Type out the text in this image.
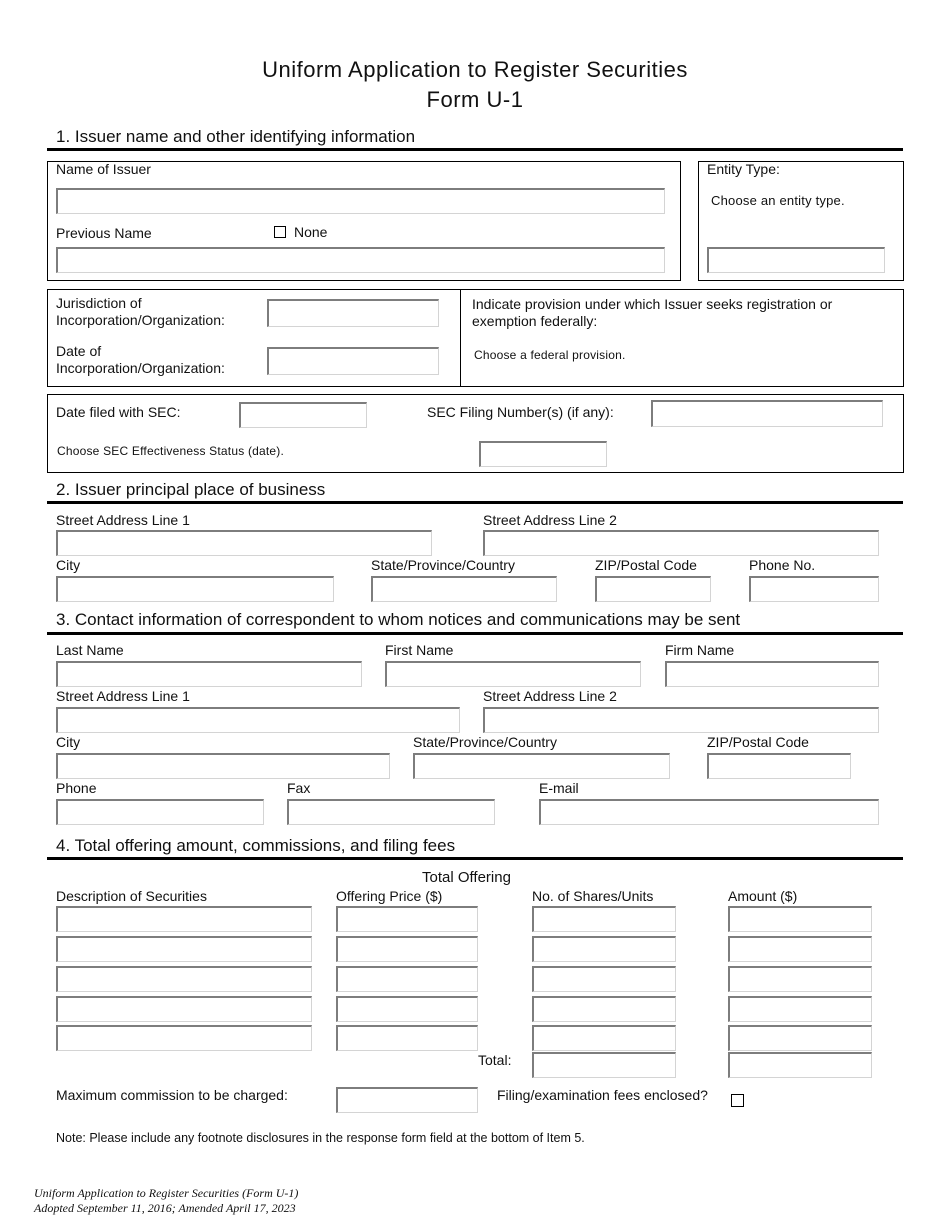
Uniform Application to Register Securities
Form U-1
1. Issuer name and other identifying information
Name of Issuer
Previous Name	None
Entity Type:
Choose an entity type.
Jurisdiction of Incorporation/Organization:
Date of Incorporation/Organization:
Indicate provision under which Issuer seeks registration or exemption federally:
Choose a federal provision.
Date filed with SEC:	SEC Filing Number(s) (if any):
Choose SEC Effectiveness Status (date).
2. Issuer principal place of business
Street Address Line 1	Street Address Line 2
City	State/Province/Country	ZIP/Postal Code	Phone No.
3. Contact information of correspondent to whom notices and communications may be sent
Last Name	First Name	Firm Name
Street Address Line 1	Street Address Line 2
City	State/Province/Country	ZIP/Postal Code
Phone	Fax	E-mail
4. Total offering amount, commissions, and filing fees
Total Offering
Description of Securities	Offering Price ($)	No. of Shares/Units	Amount ($)
Total:
Maximum commission to be charged:	Filing/examination fees enclosed?
Note: Please include any footnote disclosures in the response form field at the bottom of Item 5.
Uniform Application to Register Securities (Form U-1)
Adopted September 11, 2016; Amended April 17, 2023
